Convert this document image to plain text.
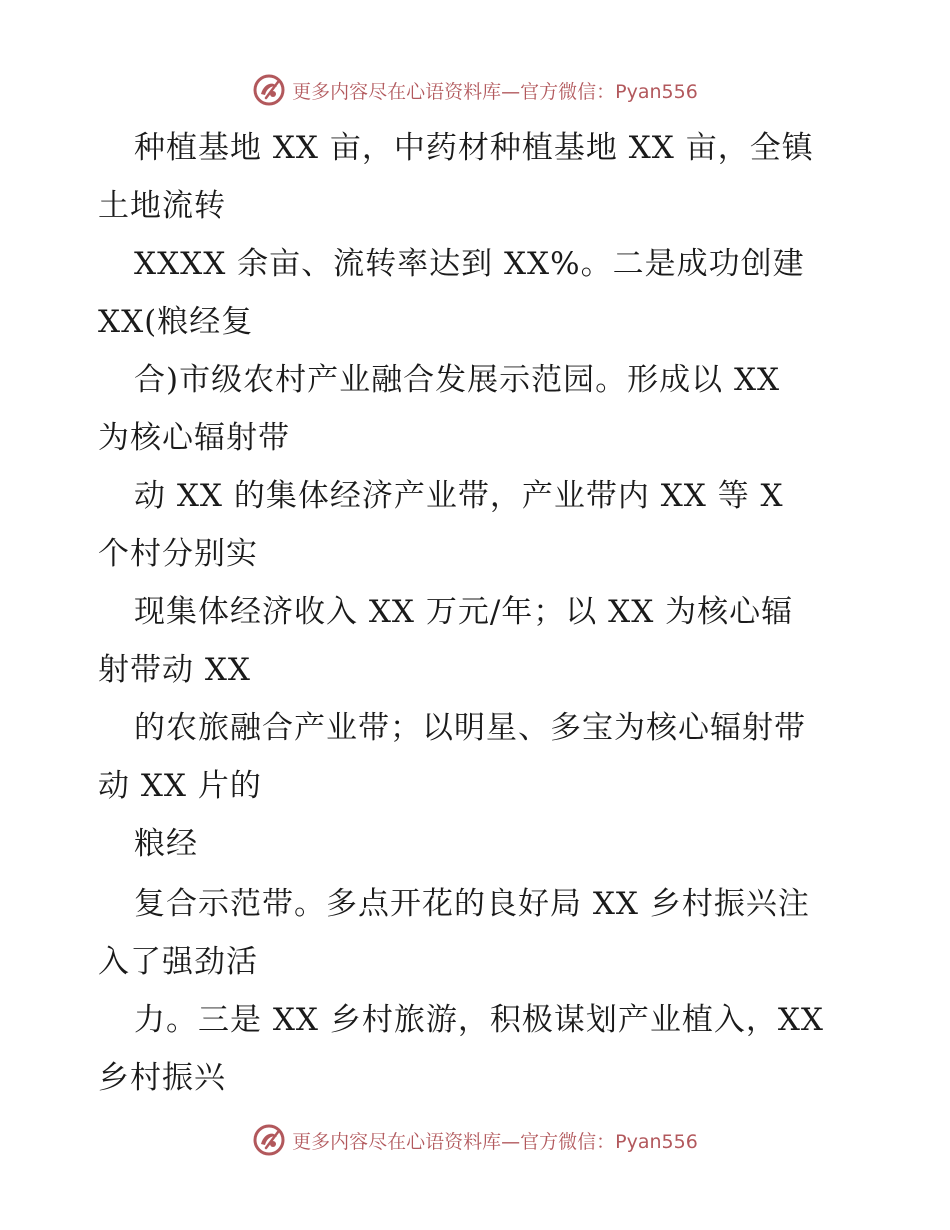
更多内容尽在心语资料库—官方微信：Pyan556
种植基地 XX 亩，中药材种植基地 XX 亩，全镇
土地流转
XXXX 余亩、流转率达到 XX%。二是成功创建
XX(粮经复
合)市级农村产业融合发展示范园。形成以 XX
为核心辐射带
动 XX 的集体经济产业带，产业带内 XX 等 X
个村分别实
现集体经济收入 XX 万元/年；以 XX 为核心辐
射带动 XX
的农旅融合产业带；以明星、多宝为核心辐射带
动 XX 片的
粮经
复合示范带。多点开花的良好局 XX 乡村振兴注
入了强劲活
力。三是 XX 乡村旅游，积极谋划产业植入，XX
乡村振兴
更多内容尽在心语资料库—官方微信：Pyan556
